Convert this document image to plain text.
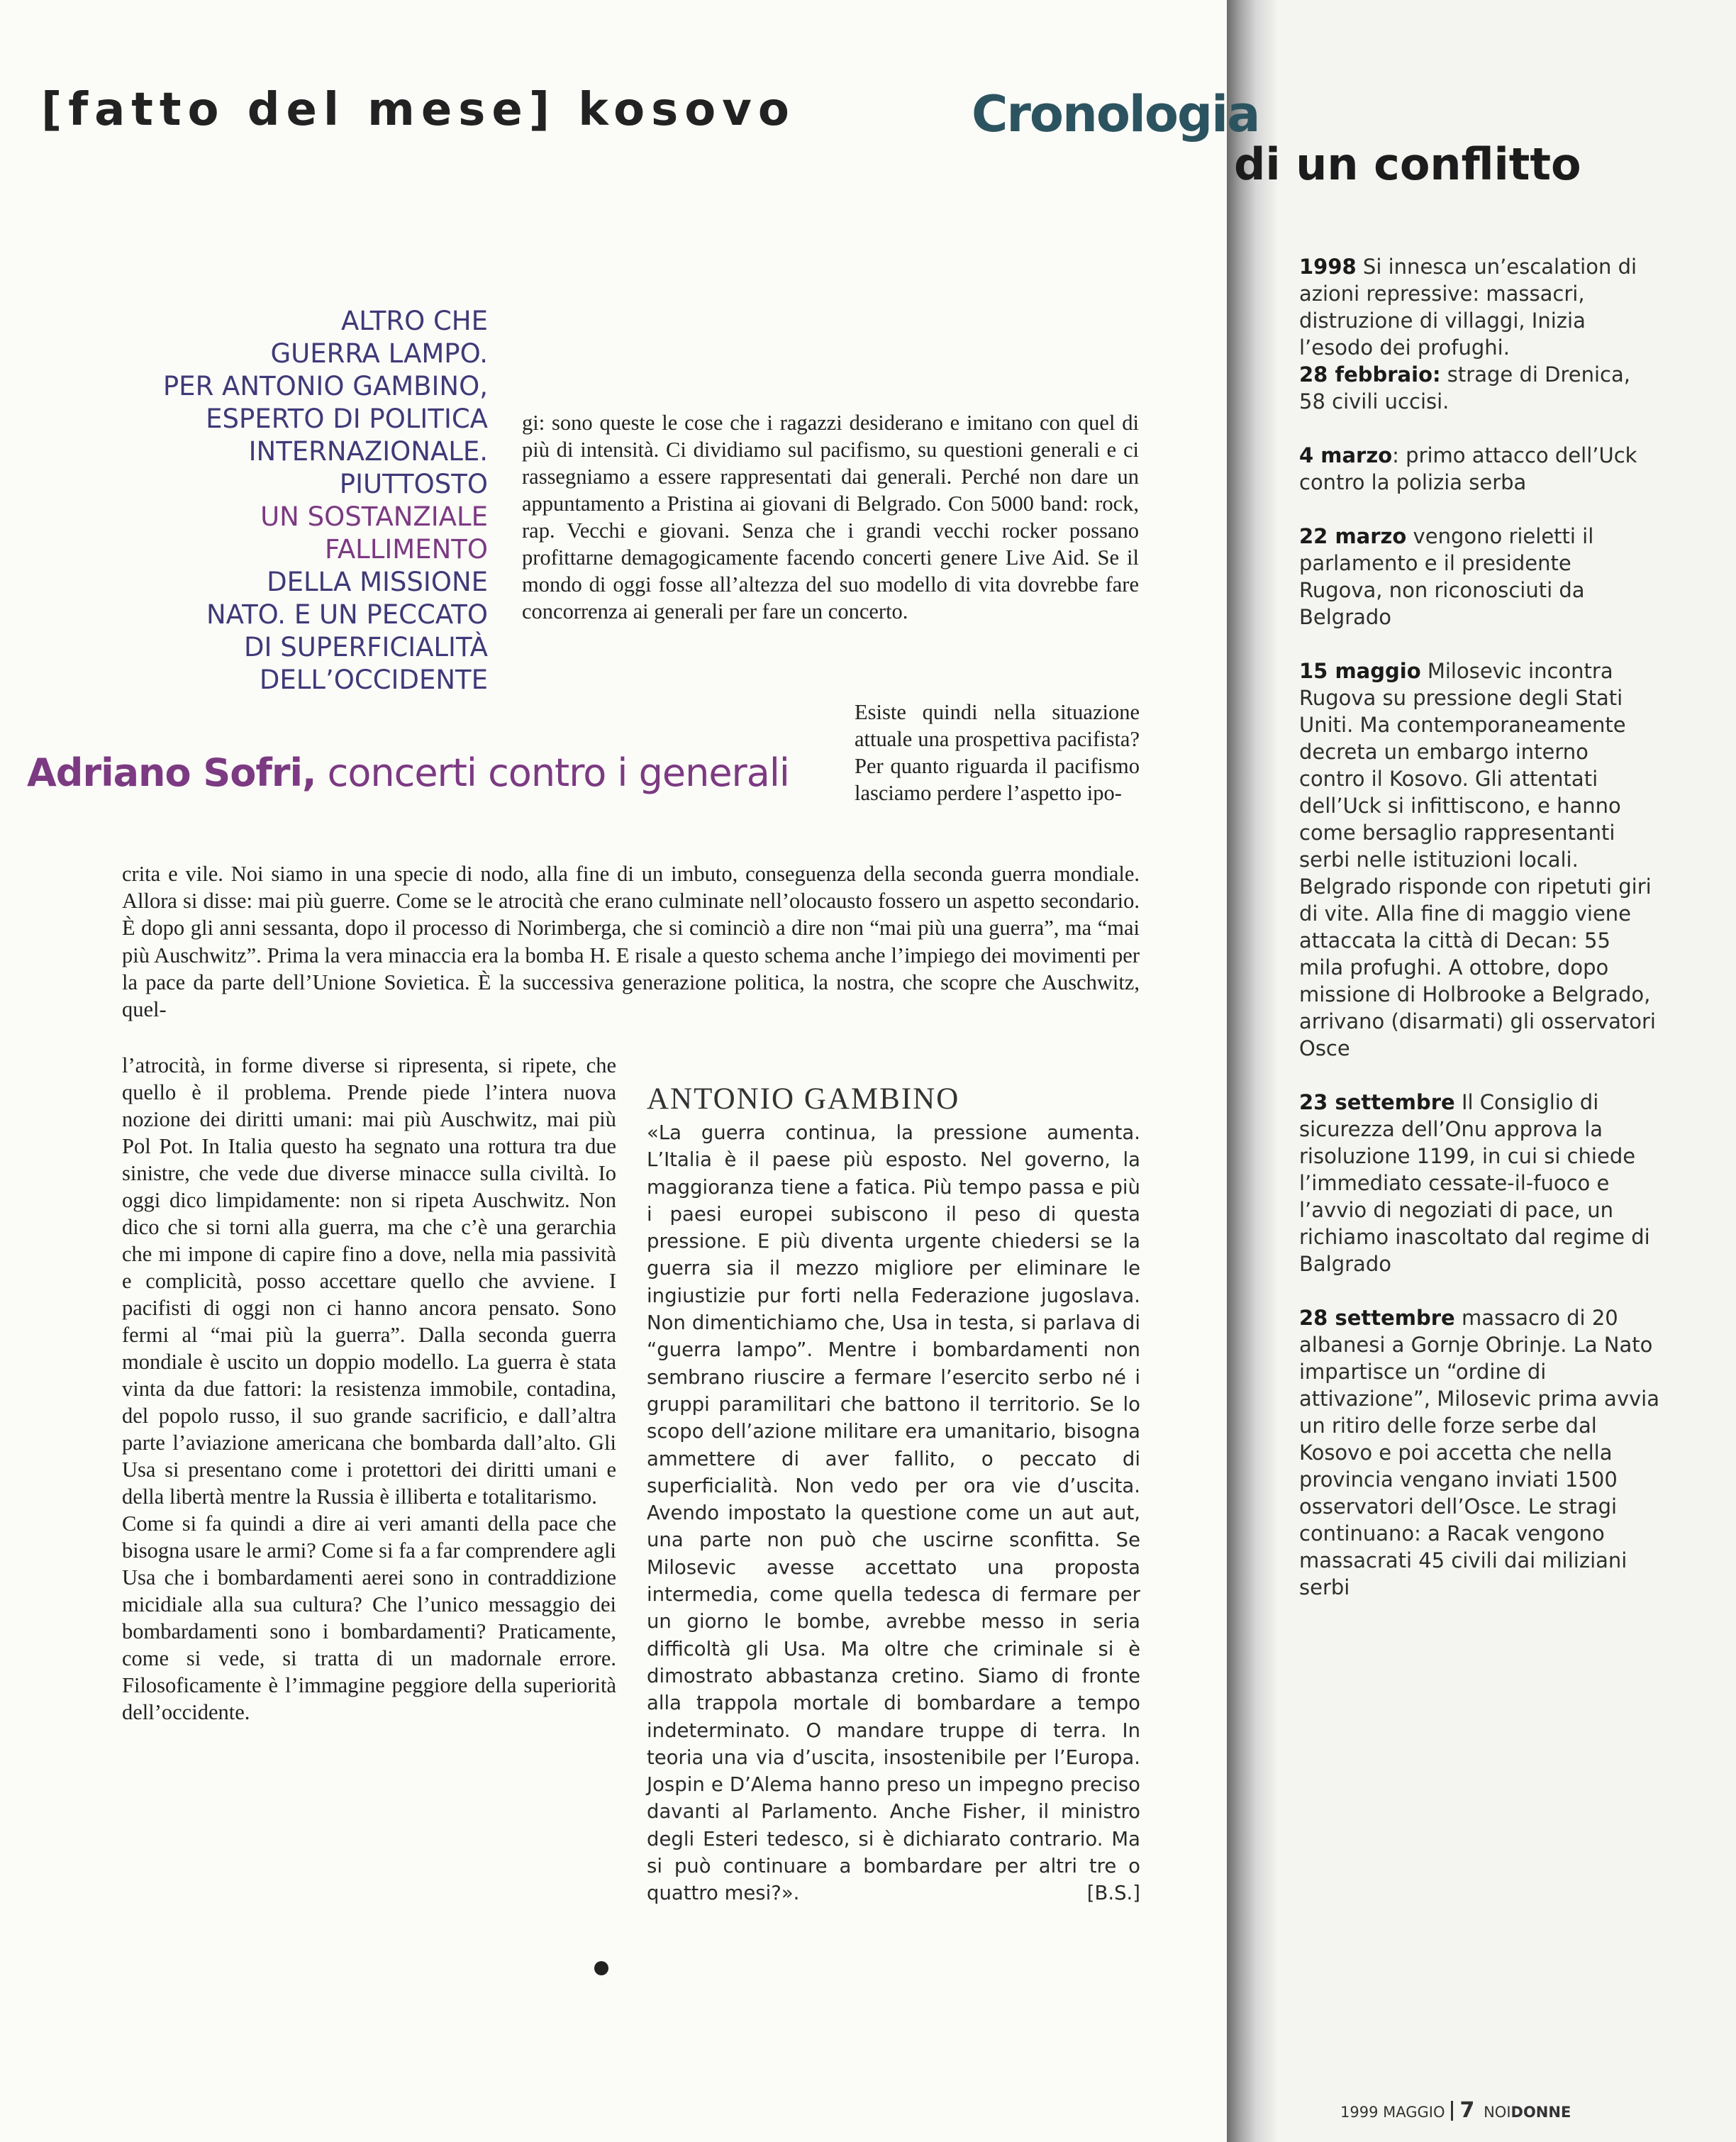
[fatto del mese] kosovo	Cronologia
di un conflitto
ALTRO CHE
GUERRA LAMPO.
PER ANTONIO GAMBINO,
ESPERTO DI POLITICA
INTERNAZIONALE.
PIUTTOSTO
UN SOSTANZIALE
FALLIMENTO
DELLA MISSIONE
NATO. E UN PECCATO
DI SUPERFICIALITÀ
DELL’OCCIDENTE

gi: sono queste le cose che i ragazzi desiderano e imitano con quel di più di intensità. Ci dividiamo sul pacifismo, su questioni generali e ci rassegniamo a essere rappresentati dai generali. Perché non dare un appuntamento a Pristina ai giovani di Belgrado. Con 5000 band: rock, rap. Vecchi e giovani. Senza che i grandi vecchi rocker possano profittarne demagogicamente facendo concerti genere Live Aid. Se il mondo di oggi fosse all’altezza del suo modello di vita dovrebbe fare concorrenza ai generali per fare un concerto.

Adriano Sofri, concerti contro i generali

Esiste quindi nella situazione attuale una prospettiva pacifista? Per quanto riguarda il pacifismo lasciamo perdere l’aspetto ipo-

crita e vile. Noi siamo in una specie di nodo, alla fine di un imbuto, conseguenza della seconda guerra mondiale. Allora si disse: mai più guerre. Come se le atrocità che erano culminate nell’olocausto fossero un aspetto secondario. È dopo gli anni sessanta, dopo il processo di Norimberga, che si cominciò a dire non “mai più una guerra”, ma “mai più Auschwitz”. Prima la vera minaccia era la bomba H. E risale a questo schema anche l’impiego dei movimenti per la pace da parte dell’Unione Sovietica. È la successiva generazione politica, la nostra, che scopre che Auschwitz, quel-

l’atrocità, in forme diverse si ripresenta, si ripete, che quello è il problema. Prende piede l’intera nuova nozione dei diritti umani: mai più Auschwitz, mai più Pol Pot. In Italia questo ha segnato una rottura tra due sinistre, che vede due diverse minacce sulla civiltà. Io oggi dico limpidamente: non si ripeta Auschwitz. Non dico che si torni alla guerra, ma che c’è una gerarchia che mi impone di capire fino a dove, nella mia passività e complicità, posso accettare quello che avviene. I pacifisti di oggi non ci hanno ancora pensato. Sono fermi al “mai più la guerra”. Dalla seconda guerra mondiale è uscito un doppio modello. La guerra è stata vinta da due fattori: la resistenza immobile, contadina, del popolo russo, il suo grande sacrificio, e dall’altra parte l’aviazione americana che bombarda dall’alto. Gli Usa si presentano come i protettori dei diritti umani e della libertà mentre la Russia è illiberta e totalitarismo.

Come si fa quindi a dire ai veri amanti della pace che bisogna usare le armi? Come si fa a far comprendere agli Usa che i bombardamenti aerei sono in contraddizione micidiale alla sua cultura? Che l’unico messaggio dei bombardamenti sono i bombardamenti? Praticamente, come si vede, si tratta di un madornale errore. Filosoficamente è l’immagine peggiore della superiorità dell’occidente.

ANTONIO GAMBINO

«La guerra continua, la pressione aumenta. L’Italia è il paese più esposto. Nel governo, la maggioranza tiene a fatica. Più tempo passa e più i paesi europei subiscono il peso di questa pressione. E più diventa urgente chiedersi se la guerra sia il mezzo migliore per eliminare le ingiustizie pur forti nella Federazione jugoslava. Non dimentichiamo che, Usa in testa, si parlava di “guerra lampo”. Mentre i bombardamenti non sembrano riuscire a fermare l’esercito serbo né i gruppi paramilitari che battono il territorio. Se lo scopo dell’azione militare era umanitario, bisogna ammettere di aver fallito, o peccato di superficialità. Non vedo per ora vie d’uscita. Avendo impostato la questione come un aut aut, una parte non può che uscirne sconfitta. Se Milosevic avesse accettato una proposta intermedia, come quella tedesca di fermare per un giorno le bombe, avrebbe messo in seria difficoltà gli Usa. Ma oltre che criminale si è dimostrato abbastanza cretino. Siamo di fronte alla trappola mortale di bombardare a tempo indeterminato. O mandare truppe di terra. In teoria una via d’uscita, insostenibile per l’Europa. Jospin e D’Alema hanno preso un impegno preciso davanti al Parlamento. Anche Fisher, il ministro degli Esteri tedesco, si è dichiarato contrario. Ma si può continuare a bombardare per altri tre o quattro mesi?».	[B.S.]

1998 Si innesca un’escalation di azioni repressive: massacri, distruzione di villaggi, Inizia l’esodo dei profughi.
28 febbraio: strage di Drenica, 58 civili uccisi.
4 marzo: primo attacco dell’Uck contro la polizia serba
22 marzo vengono rieletti il parlamento e il presidente Rugova, non riconosciuti da Belgrado
15 maggio Milosevic incontra Rugova su pressione degli Stati Uniti. Ma contemporaneamente decreta un embargo interno contro il Kosovo. Gli attentati dell’Uck si infittiscono, e hanno come bersaglio rappresentanti serbi nelle istituzioni locali. Belgrado risponde con ripetuti giri di vite. Alla fine di maggio viene attaccata la città di Decan: 55 mila profughi. A ottobre, dopo missione di Holbrooke a Belgrado, arrivano (disarmati) gli osservatori Osce
23 settembre Il Consiglio di sicurezza dell’Onu approva la risoluzione 1199, in cui si chiede l’immediato cessate-il-fuoco e l’avvio di negoziati di pace, un richiamo inascoltato dal regime di Balgrado
28 settembre massacro di 20 albanesi a Gornje Obrinje. La Nato impartisce un “ordine di attivazione”, Milosevic prima avvia un ritiro delle forze serbe dal Kosovo e poi accetta che nella provincia vengano inviati 1500 osservatori dell’Osce. Le stragi continuano: a Racak vengono massacrati 45 civili dai miliziani serbi
1999 MAGGIO 7 NOIDONNE
